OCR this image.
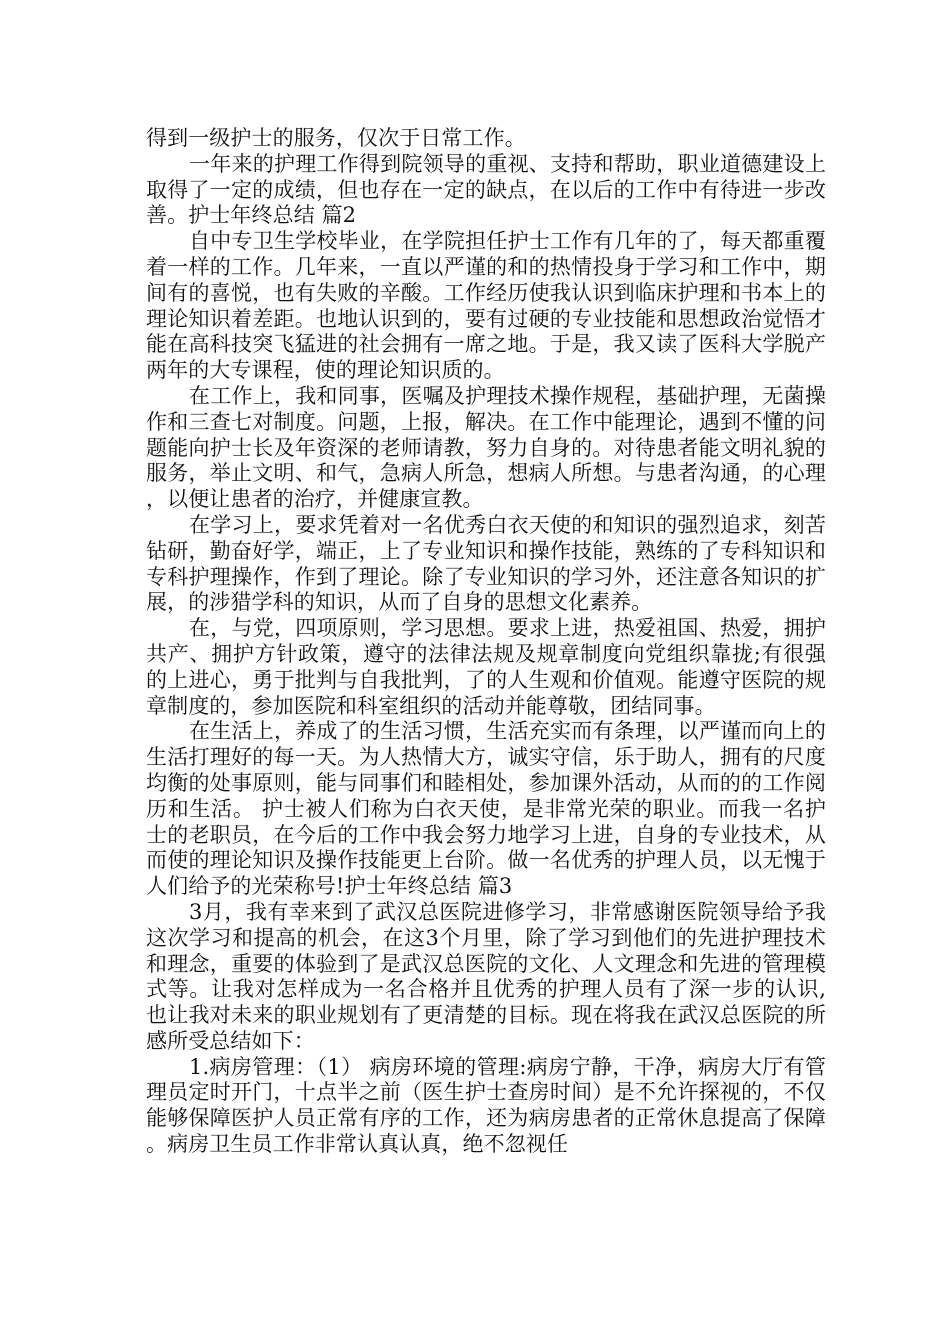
得到一级护士的服务，仅次于日常工作。

一年来的护理工作得到院领导的重视、支持和帮助，职业道德建设上取得了一定的成绩，但也存在一定的缺点，在以后的工作中有待进一步改善。护士年终总结 篇2

自中专卫生学校毕业，在学院担任护士工作有几年的了，每天都重覆着一样的工作。几年来，一直以严谨的和的热情投身于学习和工作中，期间有的喜悦，也有失败的辛酸。工作经历使我认识到临床护理和书本上的理论知识着差距。也地认识到的，要有过硬的专业技能和思想政治觉悟才能在高科技突飞猛进的社会拥有一席之地。于是，我又读了医科大学脱产两年的大专课程，使的理论知识质的。

在工作上，我和同事，医嘱及护理技术操作规程，基础护理，无菌操作和三查七对制度。问题，上报，解决。在工作中能理论，遇到不懂的问题能向护士长及年资深的老师请教，努力自身的。对待患者能文明礼貌的服务，举止文明、和气，急病人所急，想病人所想。与患者沟通，的心理，以便让患者的治疗，并健康宣教。

在学习上，要求凭着对一名优秀白衣天使的和知识的强烈追求，刻苦钻研，勤奋好学，端正，上了专业知识和操作技能，熟练的了专科知识和专科护理操作，作到了理论。除了专业知识的学习外，还注意各知识的扩展，的涉猎学科的知识，从而了自身的思想文化素养。

在，与党，四项原则，学习思想。要求上进，热爱祖国、热爱，拥护共产、拥护方针政策，遵守的法律法规及规章制度向党组织靠拢;有很强的上进心，勇于批判与自我批判，了的人生观和价值观。能遵守医院的规章制度的，参加医院和科室组织的活动并能尊敬，团结同事。

在生活上，养成了的生活习惯，生活充实而有条理，以严谨而向上的生活打理好的每一天。为人热情大方，诚实守信，乐于助人，拥有的尺度均衡的处事原则，能与同事们和睦相处，参加课外活动，从而的的工作阅历和生活。 护士被人们称为白衣天使，是非常光荣的职业。而我一名护士的老职员，在今后的工作中我会努力地学习上进，自身的专业技术，从而使的理论知识及操作技能更上台阶。做一名优秀的护理人员，以无愧于人们给予的光荣称号!护士年终总结 篇3

3月，我有幸来到了武汉总医院进修学习，非常感谢医院领导给予我这次学习和提高的机会，在这3个月里，除了学习到他们的先进护理技术和理念，重要的体验到了是武汉总医院的文化、人文理念和先进的管理模式等。让我对怎样成为一名合格并且优秀的护理人员有了深一步的认识,也让我对未来的职业规划有了更清楚的目标。现在将我在武汉总医院的所感所受总结如下：

1.病房管理：（1） 病房环境的管理:病房宁静，干净，病房大厅有管理员定时开门，十点半之前（医生护士查房时间）是不允许探视的，不仅能够保障医护人员正常有序的工作，还为病房患者的正常休息提高了保障。病房卫生员工作非常认真认真，绝不忽视任
